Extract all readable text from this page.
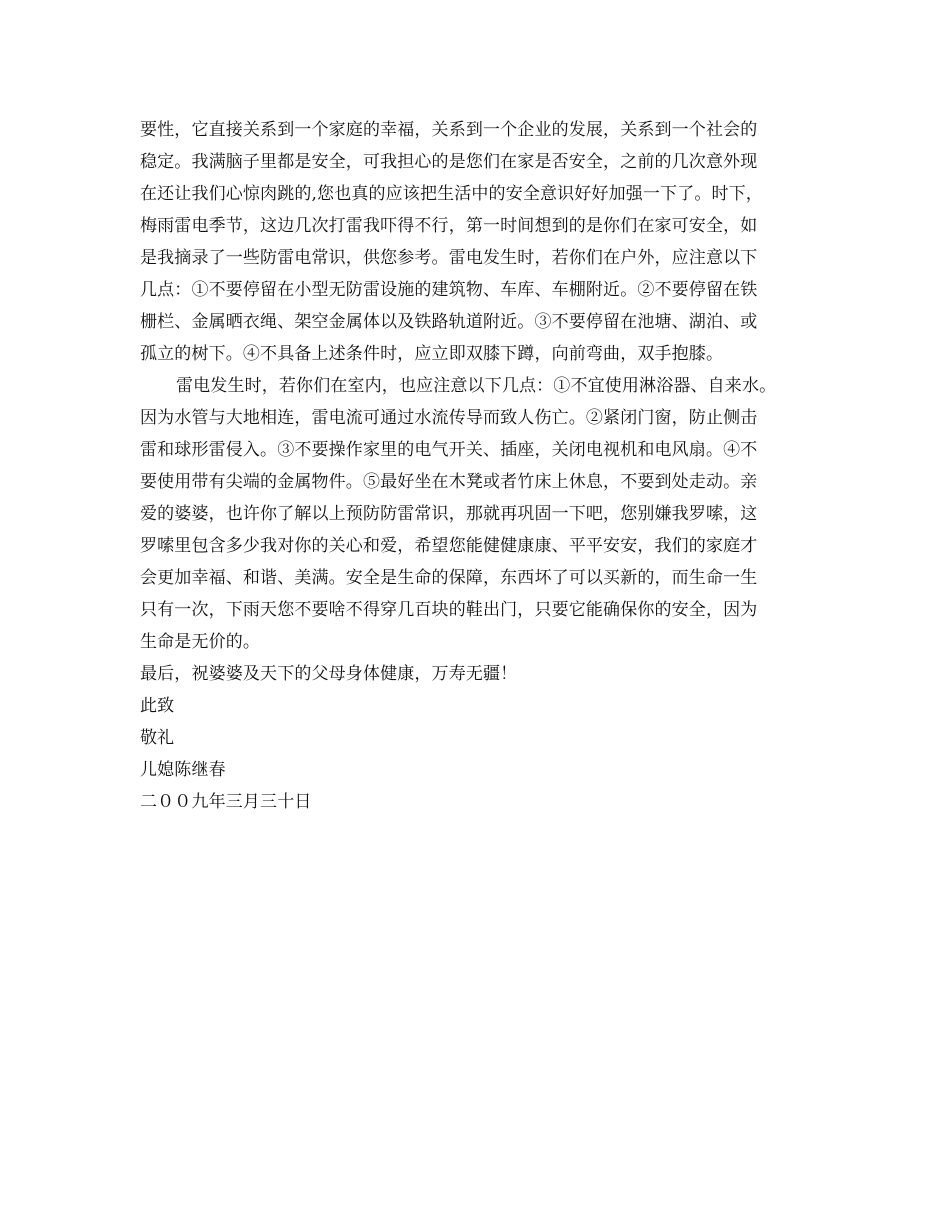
要性，它直接关系到一个家庭的幸福，关系到一个企业的发展，关系到一个社会的
稳定。我满脑子里都是安全，可我担心的是您们在家是否安全，之前的几次意外现
在还让我们心惊肉跳的,您也真的应该把生活中的安全意识好好加强一下了。时下，
梅雨雷电季节，这边几次打雷我吓得不行，第一时间想到的是你们在家可安全，如
是我摘录了一些防雷电常识，供您参考。雷电发生时，若你们在户外，应注意以下
几点：①不要停留在小型无防雷设施的建筑物、车库、车棚附近。②不要停留在铁
栅栏、金属晒衣绳、架空金属体以及铁路轨道附近。③不要停留在池塘、湖泊、或
孤立的树下。④不具备上述条件时，应立即双膝下蹲，向前弯曲，双手抱膝。
雷电发生时，若你们在室内，也应注意以下几点：①不宜使用淋浴器、自来水。
因为水管与大地相连，雷电流可通过水流传导而致人伤亡。②紧闭门窗，防止侧击
雷和球形雷侵入。③不要操作家里的电气开关、插座，关闭电视机和电风扇。④不
要使用带有尖端的金属物件。⑤最好坐在木凳或者竹床上休息，不要到处走动。亲
爱的婆婆，也许你了解以上预防防雷常识，那就再巩固一下吧，您别嫌我罗嗦，这
罗嗦里包含多少我对你的关心和爱，希望您能健健康康、平平安安，我们的家庭才
会更加幸福、和谐、美满。安全是生命的保障，东西坏了可以买新的，而生命一生
只有一次，下雨天您不要啥不得穿几百块的鞋出门，只要它能确保你的安全，因为
生命是无价的。
最后，祝婆婆及天下的父母身体健康，万寿无疆！
此致
敬礼
儿媳陈继春
二００九年三月三十日
